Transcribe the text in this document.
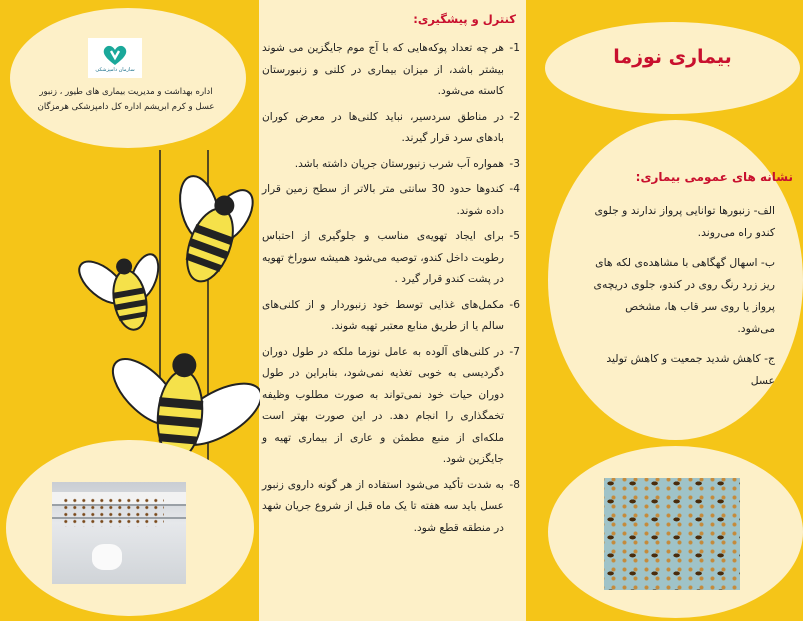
سازمان دامپزشکی
اداره بهداشت و مدیریت بیماری های طیور ، زنبور عسل و کرم ابریشم اداره کل دامپزشکی هرمزگان
کنترل و پیشگیری:
1-
هر چه تعداد پوکه‌هایی که با آج موم جایگزین می شوند بیشتر باشد، از میزان بیماری در کلنی و زنبورستان کاسته می‌شود.
2-
در مناطق سردسیر، نباید کلنی‌ها در معرض کوران بادهای سرد قرار گیرند.
3-
همواره آب شرب زنبورستان جریان داشته باشد.
4-
کندوها حدود 30 سانتی متر بالاتر از سطح زمین قرار داده شوند.
5-
برای ایجاد تهویه‌ی مناسب و جلوگیری از احتباس رطوبت داخل کندو، توصیه می‌شود همیشه سوراخ تهویه در پشت کندو قرار گیرد .
6-
مکمل‌های غذایی توسط خود زنبوردار و از کلنی‌های سالم یا از طریق منابع معتبر تهیه شوند.
7-
در کلنی‌های آلوده به عامل نوزما ملکه در طول دوران دگردیسی به خوبی تغذیه نمی‌شود، بنابراین در طول دوران حیات خود نمی‌تواند به صورت مطلوب وظیفه تخمگذاری را انجام دهد. در این صورت بهتر است ملکه‌ای از منبع مطمئن و عاری از بیماری تهیه و جایگزین شود.
8-
به شدت تأکید می‌شود استفاده از هر گونه داروی زنبور عسل باید سه هفته تا یک ماه قبل از شروع جریان شهد در منطقه قطع شود.
بیماری نوزما
نشانه های عمومی بیماری:

الف- زنبورها توانایی پرواز ندارند و جلوی کندو راه می‌روند.

ب- اسهال گهگاهی با مشاهده‌ی لکه های ریز زرد رنگ روی در کندو، جلوی دریچه‌ی پرواز یا روی سر قاب ها، مشخص می‌شود.

ج- کاهش شدید جمعیت و کاهش تولید عسل
